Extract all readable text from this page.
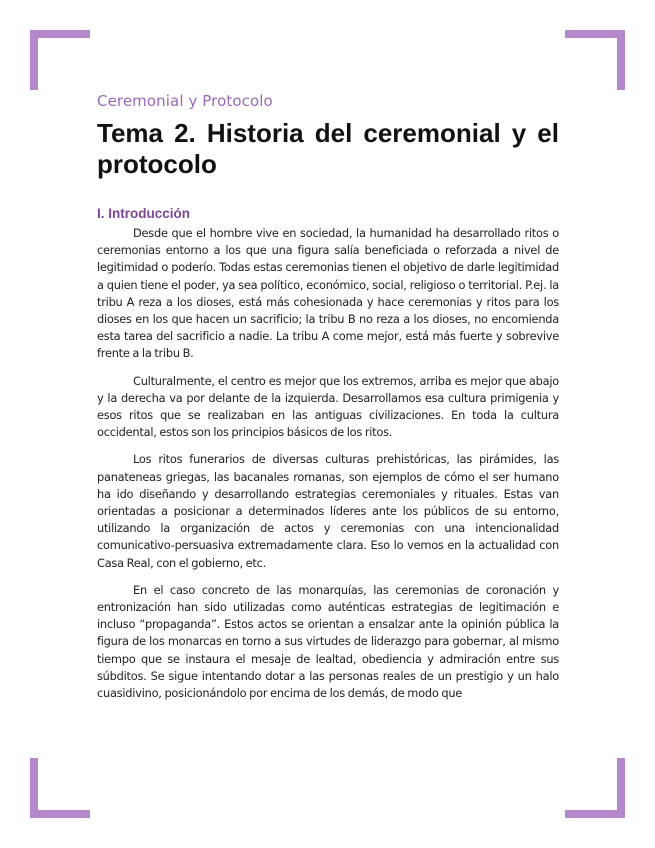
Ceremonial y Protocolo
Tema 2. Historia del ceremonial y el protocolo
I. Introducción

Desde que el hombre vive en sociedad, la humanidad ha desarrollado ritos o ceremonias entorno a los que una figura salía beneficiada o reforzada a nivel de legitimidad o poderío. Todas estas ceremonias tienen el objetivo de darle legitimidad a quien tiene el poder, ya sea político, económico, social, religioso o territorial. P.ej. la tribu A reza a los dioses, está más cohesionada y hace ceremonias y ritos para los dioses en los que hacen un sacrificio; la tribu B no reza a los dioses, no encomienda esta tarea del sacrificio a nadie. La tribu A come mejor, está más fuerte y sobrevive frente a la tribu B.

Culturalmente, el centro es mejor que los extremos, arriba es mejor que abajo y la derecha va por delante de la izquierda. Desarrollamos esa cultura primigenia y esos ritos que se realizaban en las antiguas civilizaciones. En toda la cultura occidental, estos son los principios básicos de los ritos.

Los ritos funerarios de diversas culturas prehistóricas, las pirámides, las panateneas griegas, las bacanales romanas, son ejemplos de cómo el ser humano ha ido diseñando y desarrollando estrategias ceremoniales y rituales. Estas van orientadas a posicionar a determinados líderes ante los públicos de su entorno, utilizando la organización de actos y ceremonias con una intencionalidad comunicativo-persuasiva extremadamente clara. Eso lo vemos en la actualidad con Casa Real, con el gobierno, etc.

En el caso concreto de las monarquías, las ceremonias de coronación y entronización han sido utilizadas como auténticas estrategias de legitimación e incluso “propaganda”. Estos actos se orientan a ensalzar ante la opinión pública la figura de los monarcas en torno a sus virtudes de liderazgo para gobernar, al mismo tiempo que se instaura el mesaje de lealtad, obediencia y admiración entre sus súbditos. Se sigue intentando dotar a las personas reales de un prestigio y un halo cuasidivino, posicionándolo por encima de los demás, de modo que
